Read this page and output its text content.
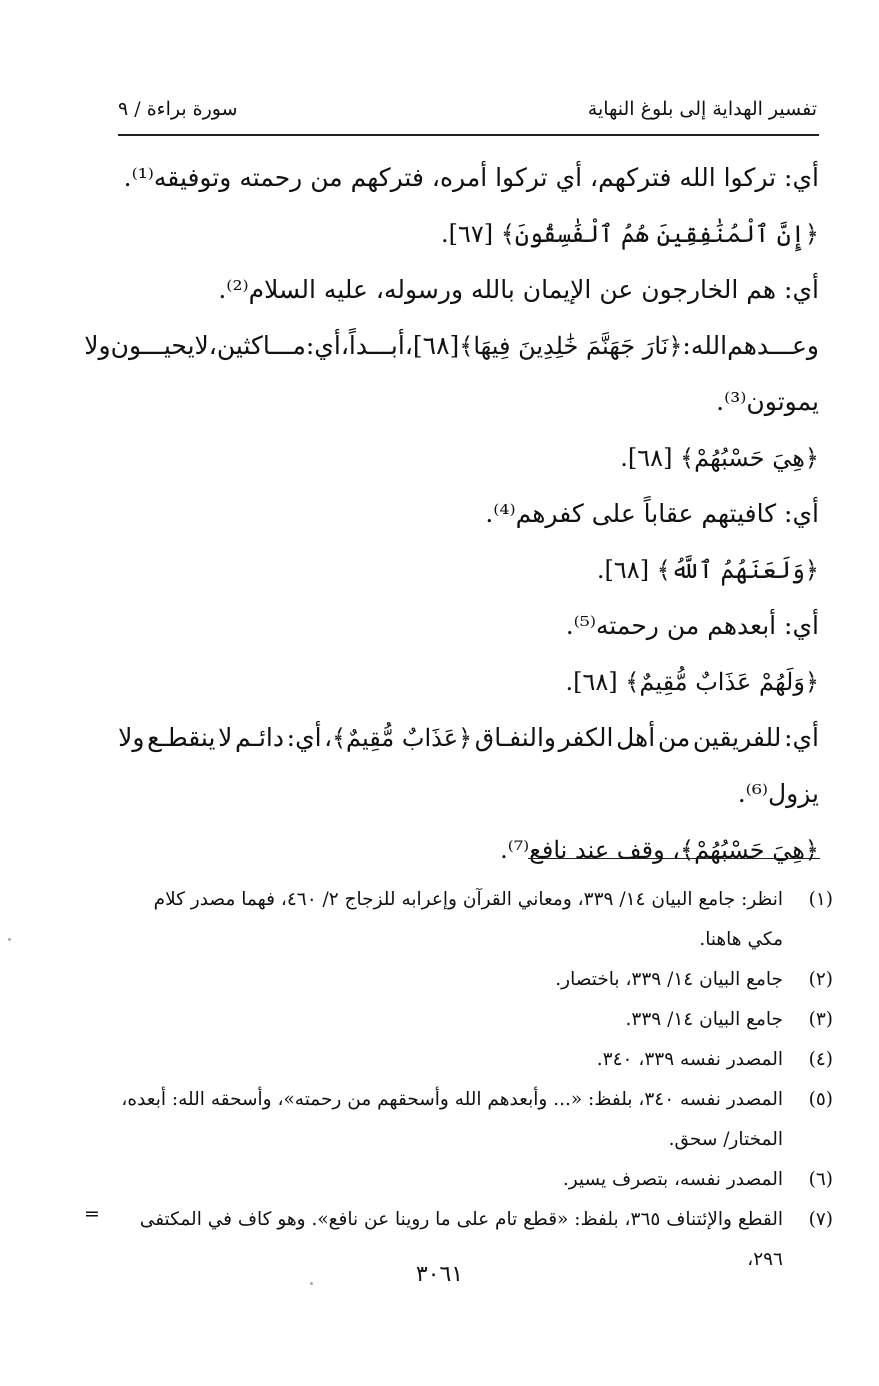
تفسير الهداية إلى بلوغ النهاية
سورة براءة / ٩
أي: تركوا الله فتركهم، أي تركوا أمره، فتركهم من رحمته وتوفيقه⁽¹⁾.
﴿إِنَّ ٱلْمُنَٰفِقِينَ هُمُ ٱلْفَٰسِقُونَ﴾ [٦٧].
أي: هم الخارجون عن الإيمان بالله ورسوله، عليه السلام⁽²⁾.
وعـــدهم
الله:
﴿نَارَ جَهَنَّمَ خَٰلِدِينَ فِيهَا﴾
[٦٨]،
أبـــداً،
أي:
مـــاكثين،
لا
يحيـــون
ولا
يموتون⁽³⁾.
﴿هِيَ حَسْبُهُمْ﴾ [٦٨].
أي: كافيتهم عقاباً على كفرهم⁽⁴⁾.
﴿وَلَعَنَهُمُ ٱللَّهُ﴾ [٦٨].
أي: أبعدهم من رحمته⁽⁵⁾.
﴿وَلَهُمْ عَذَابٌ مُّقِيمٌ﴾ [٦٨].
أي:
للفريقين
من
أهل
الكفر
والنفـاق
﴿عَذَابٌ مُّقِيمٌ﴾،
أي:
دائـم
لا
ينقطـع
ولا
يزول⁽⁶⁾.
﴿هِيَ حَسْبُهُمْ﴾، وقف عند نافع⁽⁷⁾.
(١)
انظر: جامع البيان ١٤/ ٣٣٩، ومعاني القرآن وإعرابه للزجاج ٢/ ٤٦٠، فهما مصدر كلام
مكي هاهنا.
(٢)
جامع البيان ١٤/ ٣٣٩، باختصار.
(٣)
جامع البيان ١٤/ ٣٣٩.
(٤)
المصدر نفسه ٣٣٩، ٣٤٠.
(٥)
المصدر نفسه ٣٤٠، بلفظ: «... وأبعدهم الله وأسحقهم من رحمته»، وأسحقه الله: أبعده،
المختار/ سحق.
(٦)
المصدر نفسه، بتصرف يسير.
(٧)
القطع والإئتناف ٣٦٥، بلفظ: «قطع تام على ما روينا عن نافع». وهو كاف في المكتفى ٢٩٦،
=
٣٠٦١
